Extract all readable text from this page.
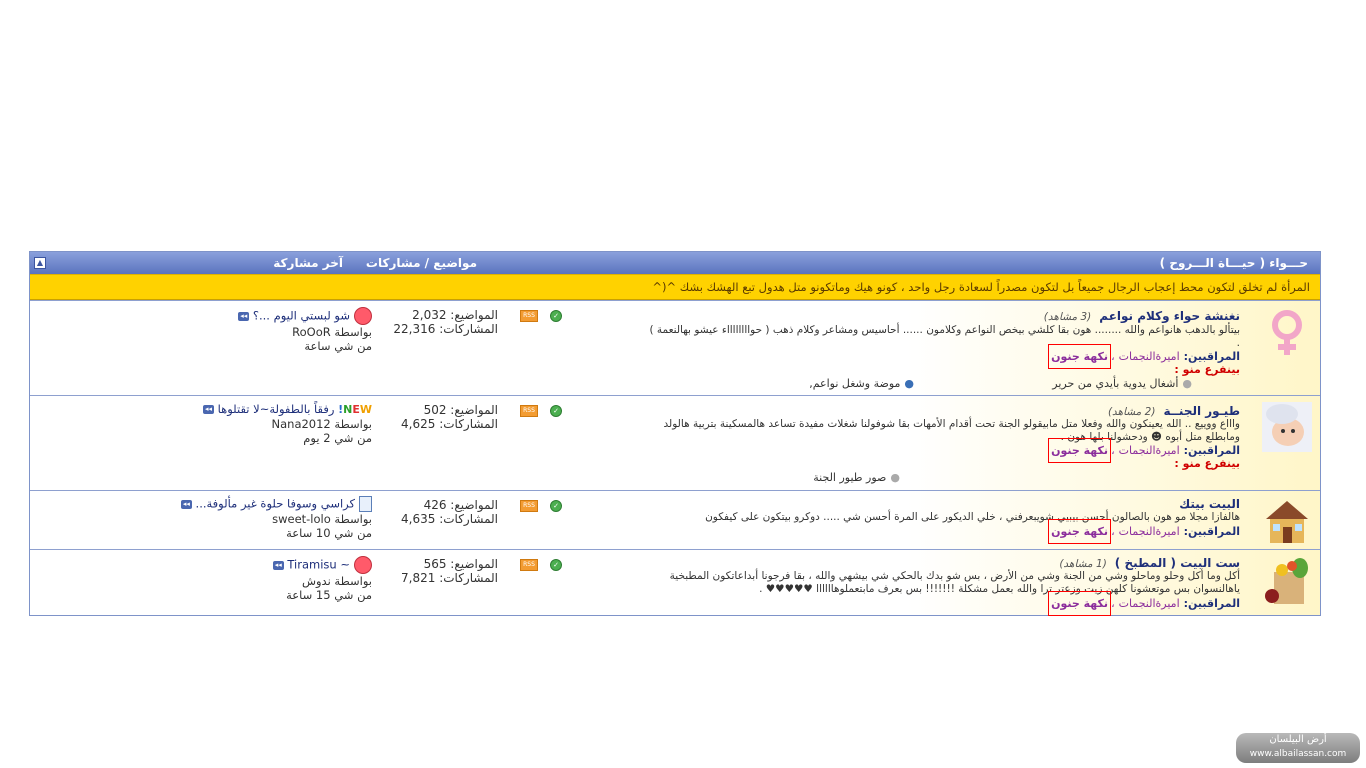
حـــواء ( حيـــاة الـــروح )
مواضيع / مشاركات
آخر مشاركة
▲
المرأة لم تخلق لتكون محط إعجاب الرجال جميعاً بل لتكون مصدراً لسعادة رجل واحد ، كونو هيك وماتكونو متل هدول تبع الهشك بشك ^(^
نغنشة حواء وكلام نواعم(3 مشاهد)
بيتألو بالدهب هانواعم والله ........ هون بقا كلشي بيخص النواعم وكلامون ...... أحاسيس ومشاعر وكلام ذهب ( حوااااااااء عيشو بهالنعمة )
.
المراقبين:اميرةالنجمات،نكهة جنون
بينفرع منو :
●أشغال يدوية بأيدي من حرير
●موضة وشغل نواعم,
✓
RSS
المواضيع: 2,032
المشاركات: 22,316
شو لبستي اليوم ...؟ ◂◂
بواسطة RoOoR
من شي ساعة
طيـور الجنــة(2 مشاهد)
واااع ووييع .. الله يعينكون والله وفعلا متل مابيقولو الجنة تحت أقدام الأمهات بقا شوفولنا شغلات مفيدة تساعد هالمسكينة بتربية هالولد
ومابطلع متل أبوه ☻ ودحشولنا بلها هون .
المراقبين:اميرةالنجمات،نكهة جنون
بينفرع منو :
●صور طيور الجنة
✓
RSS
المواضيع: 502
المشاركات: 4,625
NEW! رفقاً بالطفولة~لا تقتلوها ◂◂
بواسطة Nana2012
من شي 2 يوم
البيت بيتك
هالفازا مجلا مو هون بالصالون أحسن بيبيي شويبعرفني ، خلي الديكور على المرة أحسن شي ..... دوكرو بيتكون على كيفكون
المراقبين:اميرةالنجمات،نكهة جنون
✓
RSS
المواضيع: 426
المشاركات: 4,635
كراسي وسوفا حلوة غير مألوفة... ◂◂
بواسطة sweet-lolo
من شي 10 ساعة
ست البيت ( المطبخ )(1 مشاهد)
أكل وما أكل وحلو وماحلو وشي من الجنة وشي من الأرض ، بس شو بدك بالحكي شي بيشهي والله ، بقا فرجونا أبداعاتكون المطبخية
ياهالنسوان بس موتعشونا كلهن زيت وزعتر ترا والله بعمل مشكلة !!!!!!! بس بعرف مابتعملوهاااااا ♥♥♥♥♥ .
المراقبين:اميرةالنجمات،نكهة جنون
✓
RSS
المواضيع: 565
المشاركات: 7,821
~ Tiramisu ◂◂
بواسطة ندوش
من شي 15 ساعة
أرض البيلسان
www.albailassan.com
